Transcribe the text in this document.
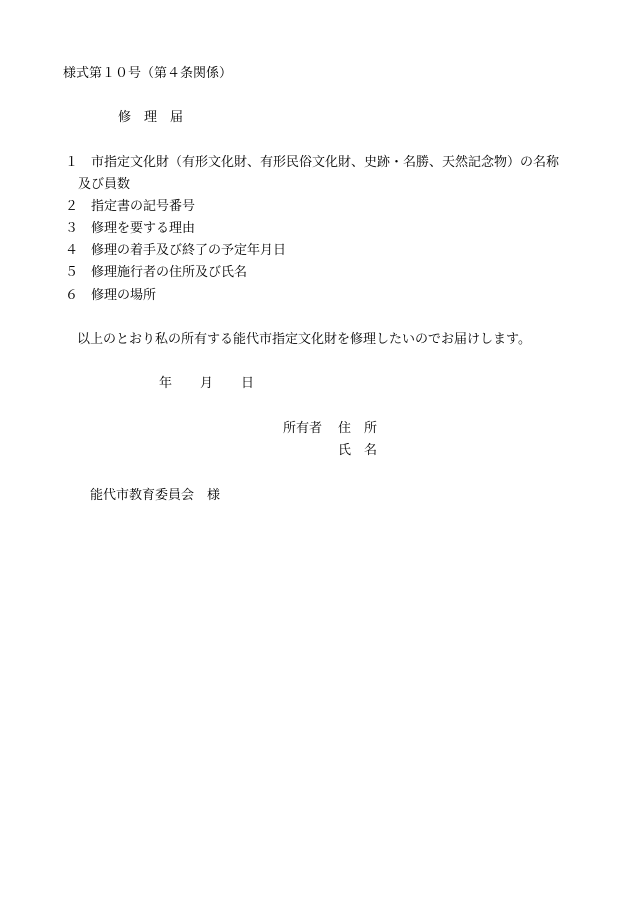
様式第１０号（第４条関係）
修　理　届
１ 市指定文化財（有形文化財、有形民俗文化財、史跡・名勝、天然記念物）の名称
及び員数
２ 指定書の記号番号
３ 修理を要する理由
４ 修理の着手及び終了の予定年月日
５ 修理施行者の住所及び氏名
６ 修理の場所
以上のとおり私の所有する能代市指定文化財を修理したいのでお届けします。
年 月 日
所有者 住　所
氏　名
能代市教育委員会　様
